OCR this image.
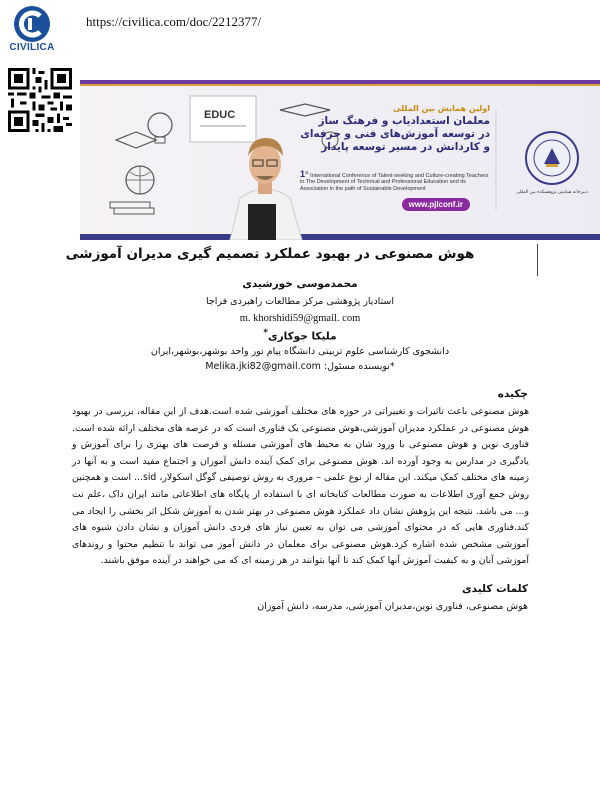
CIVILICA
https://civilica.com/doc/2212377/
EDUC
اولین همایش بین المللی
معلمان استعدادیاب و فرهنگ ساز
در توسعه آموزش‌های فنی و حرفه‌ای
و کاردانش در مسیر توسعه پایدار
1st International Conference of Talent-seeking and Culture-creating Teachers in The Development of Technical and Professional Education and its Association in the path of Sustainable Development
www.pjlconf.ir
دبیرخانه همایش پژوهشکده بین المللی
هوش مصنوعی در بهبود عملکرد تصمیم گیری مدیران آموزشی
محمدموسی خورشیدی
استادیار پژوهشی مرکز مطالعات راهبردی فراجا
m. khorshidi59@gmail. com
ملیکا جوکاری*
دانشجوی کارشناسی علوم تربیتی دانشگاه پیام نور واحد بوشهر،بوشهر،ایران
*نویسنده مسئول: Melika.jki82@gmail.com
چکیده
هوش مصنوعی باعث تاثیرات و تغییراتی در حوزه های مختلف آموزشی شده است.هدف از این مقاله، بررسی در بهبود هوش مصنوعی در عملکرد مدیران آموزشی،هوش مصنوعی یک فناوری است که در عرصه های مختلف ارائه شده است. فناوری نوین و هوش مصنوعی با ورود شان به محیط های آموزشی مسئله و فرصت های بهتری را برای آموزش و یادگیری در مدارس به وجود آورده اند. هوش مصنوعی برای کمک آینده دانش آموزان و اجتماع مفید است و به آنها در زمینه های مختلف کمک میکند. این مقاله از نوع علمی – مروری به روش توصیفی گوگل اسکولار، sid... است و همچنین روش جمع آوری اطلاعات به صورت مطالعات کتابخانه ای با استفاده از پایگاه های اطلاعاتی مانند ایران داک ،علم نت و... می باشد. نتیجه این پژوهش نشان داد عملکرد هوش مصنوعی در بهتر شدن به آموزش شکل اثر بخشی را ایجاد می کند.فناوری هایی که در محتوای آموزشی می توان به تعیین نیاز های فردی دانش آموزان و نشان دادن شیوه های آموزشی مشخص شده اشاره کرد.هوش مصنوعی برای معلمان در دانش آموز می تواند با تنظیم محتوا و روندهای آموزشی آنان و به کیفیت آموزش آنها کمک کند تا آنها بتوانند در هر زمینه ای که می خواهند در آینده موفق باشند.
کلمات کلیدی
هوش مصنوعی، فناوری نوین،مدیران آموزشی، مدرسه، دانش آموزان
